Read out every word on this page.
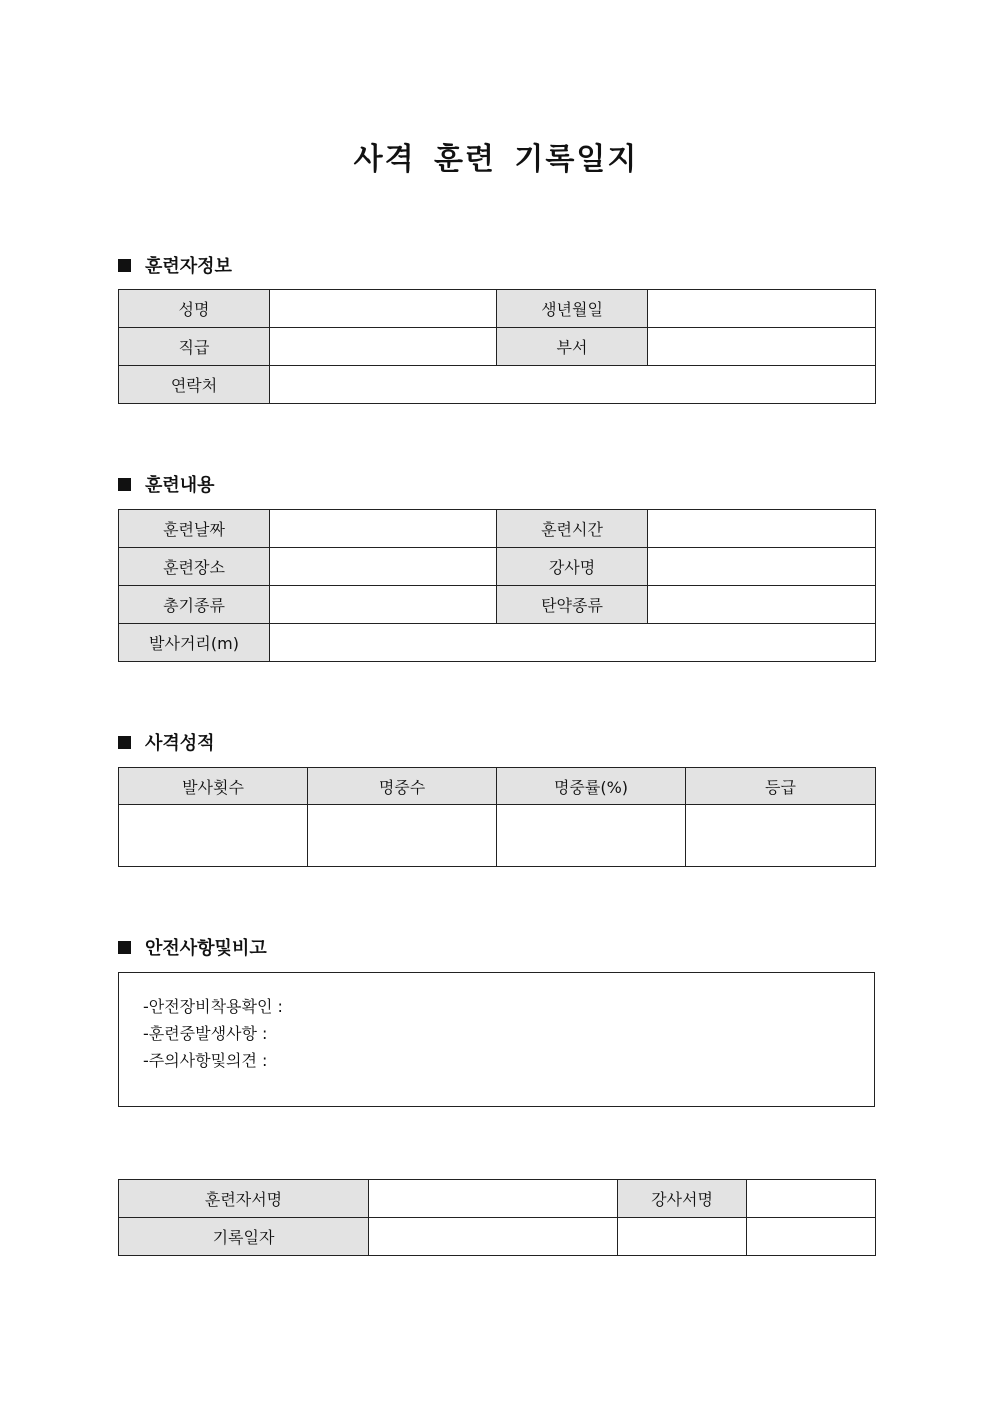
사격 훈련 기록일지
훈련자정보
성명		생년월일	
직급		부서	
연락처			
훈련내용
훈련날짜		훈련시간	
훈련장소		강사명	
총기종류		탄약종류	
발사거리(m)			
사격성적
발사횟수	명중수	명중률(%)	등급

안전사항및비고
-안전장비착용확인 :
-훈련중발생사항 :
-주의사항및의견 :
훈련자서명		강사서명	
기록일자			
